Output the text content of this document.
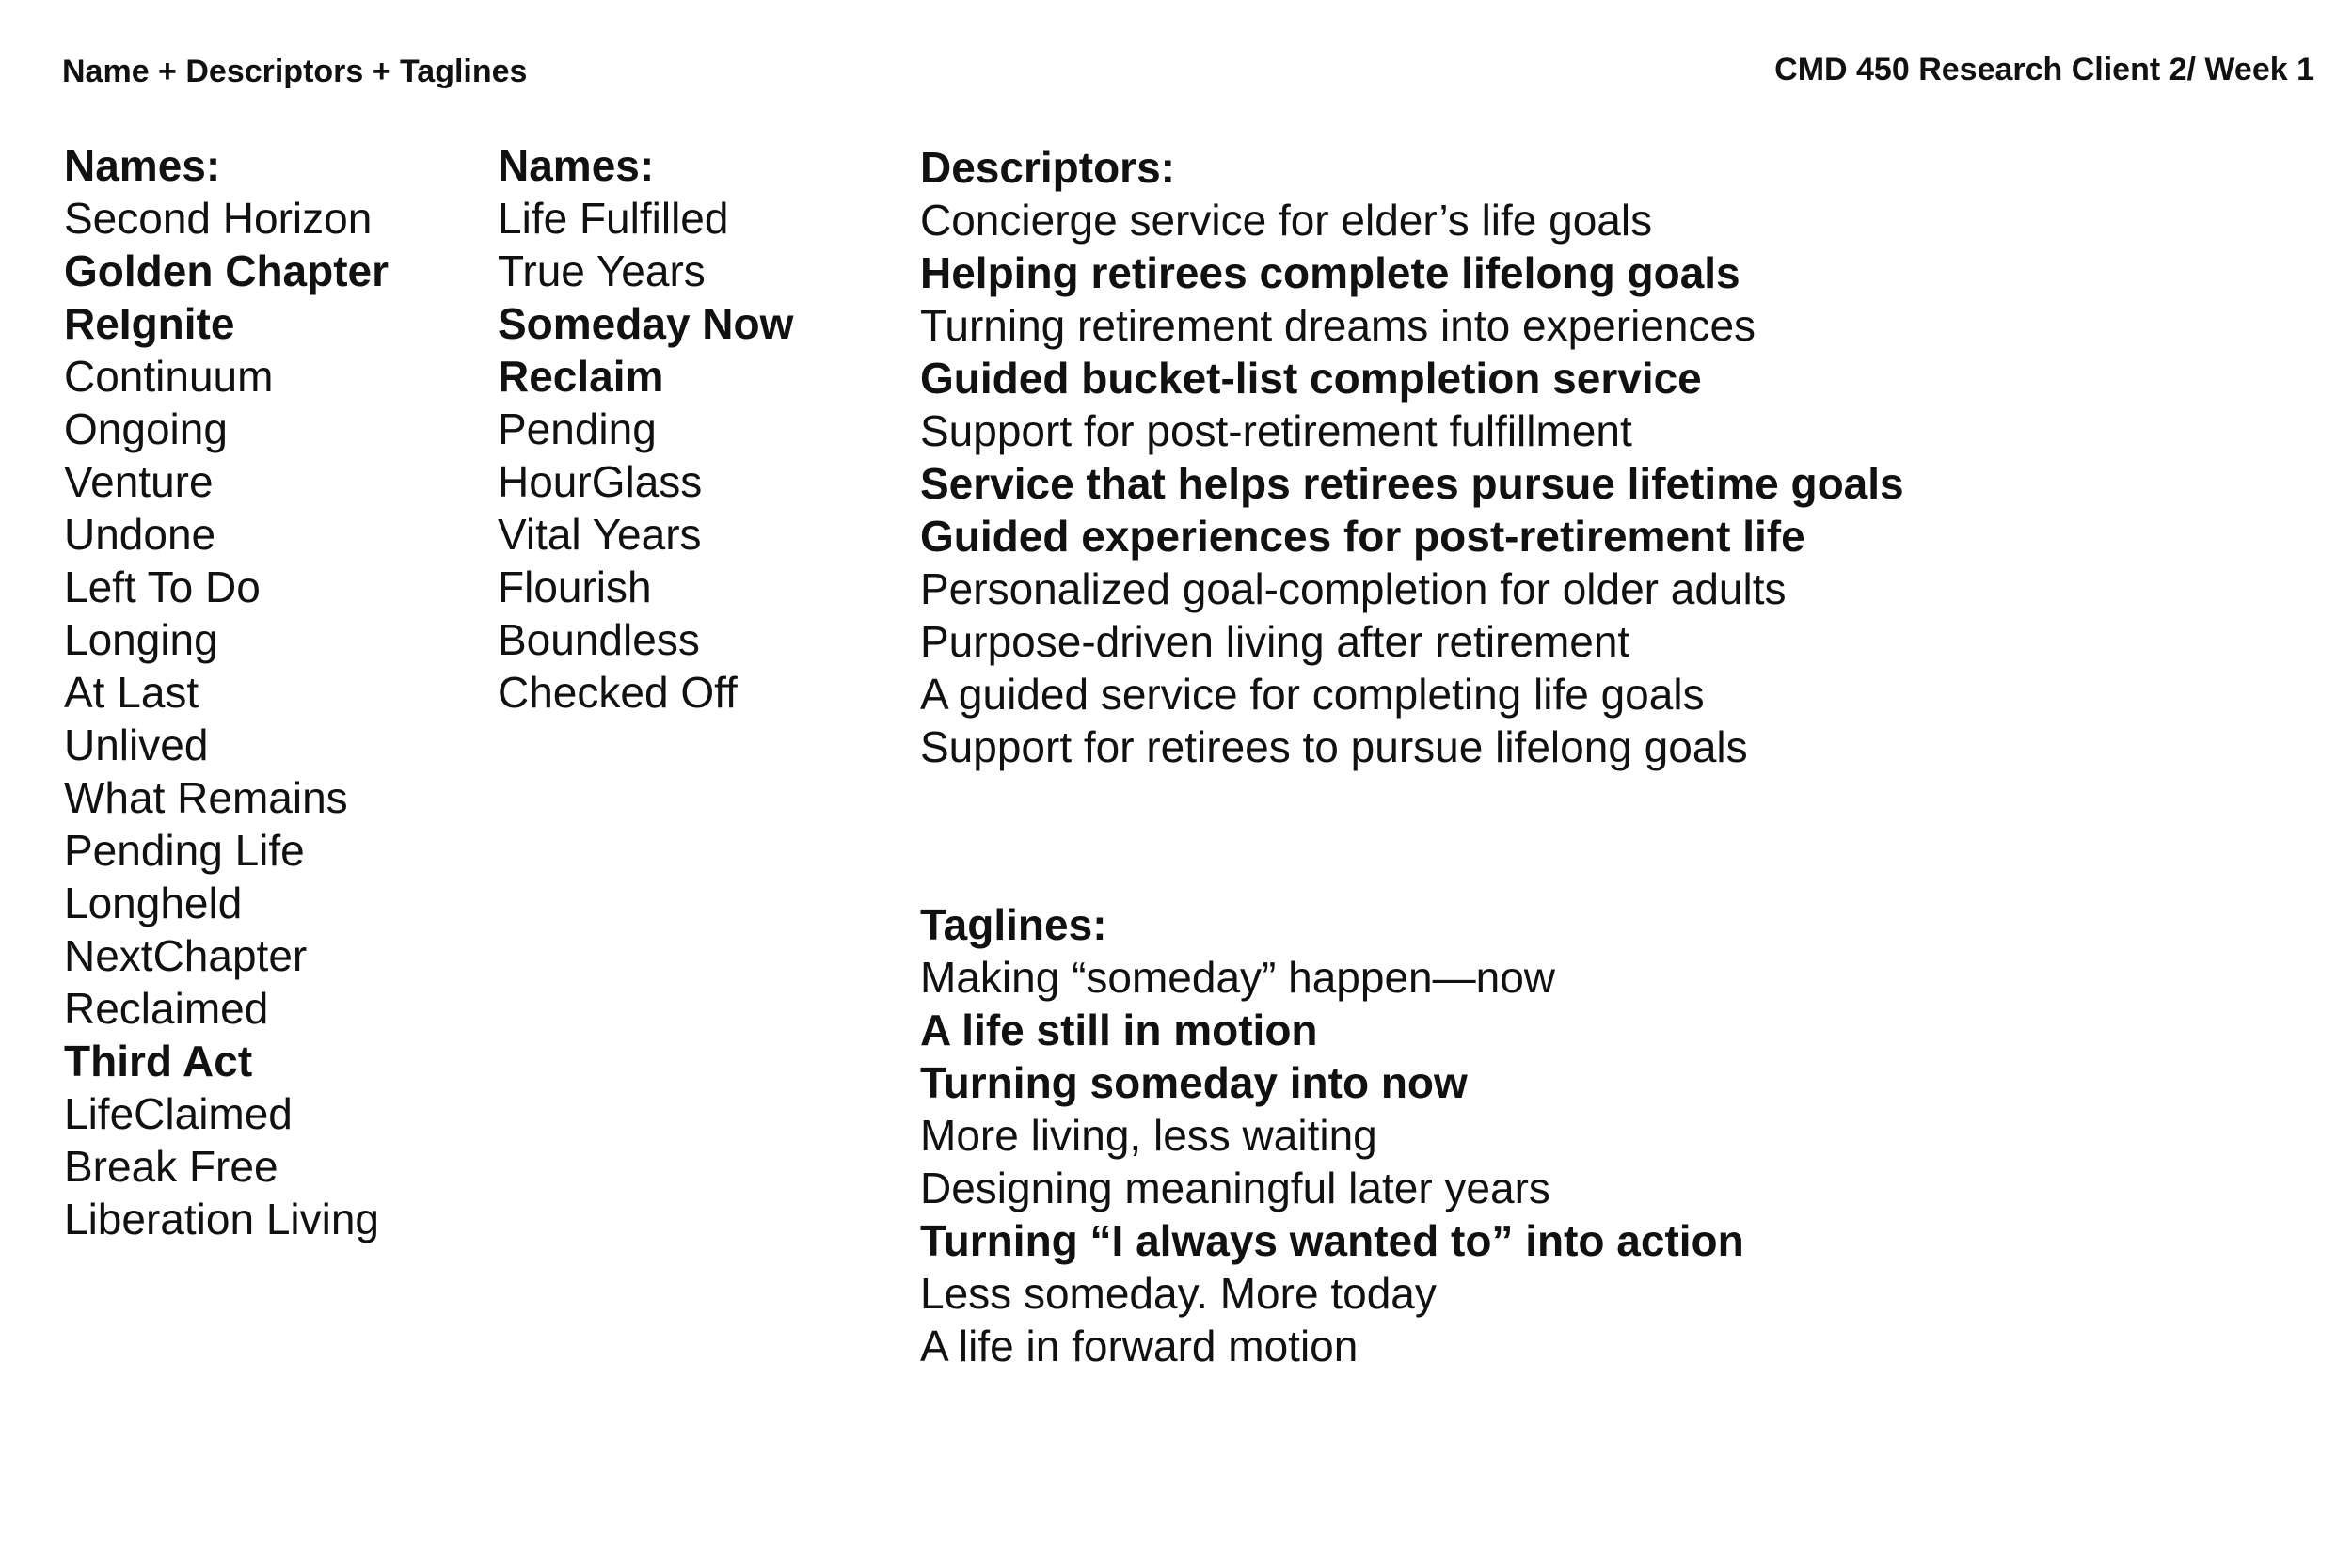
Name + Descriptors + Taglines	CMD 450 Research Client 2/ Week 1
Names:
Second Horizon
Golden Chapter
ReIgnite
Continuum
Ongoing
Venture
Undone
Left To Do
Longing
At Last
Unlived
What Remains
Pending Life
Longheld
NextChapter
Reclaimed
Third Act
LifeClaimed
Break Free
Liberation Living
Names:
Life Fulfilled
True Years
Someday Now
Reclaim
Pending
HourGlass
Vital Years
Flourish
Boundless
Checked Off
Descriptors:
Concierge service for elder’s life goals
Helping retirees complete lifelong goals
Turning retirement dreams into experiences
Guided bucket-list completion service
Support for post-retirement fulfillment
Service that helps retirees pursue lifetime goals
Guided experiences for post-retirement life
Personalized goal-completion for older adults
Purpose-driven living after retirement
A guided service for completing life goals
Support for retirees to pursue lifelong goals
Taglines:
Making “someday” happen—now
A life still in motion
Turning someday into now
More living, less waiting
Designing meaningful later years
Turning “I always wanted to” into action
Less someday. More today
A life in forward motion
